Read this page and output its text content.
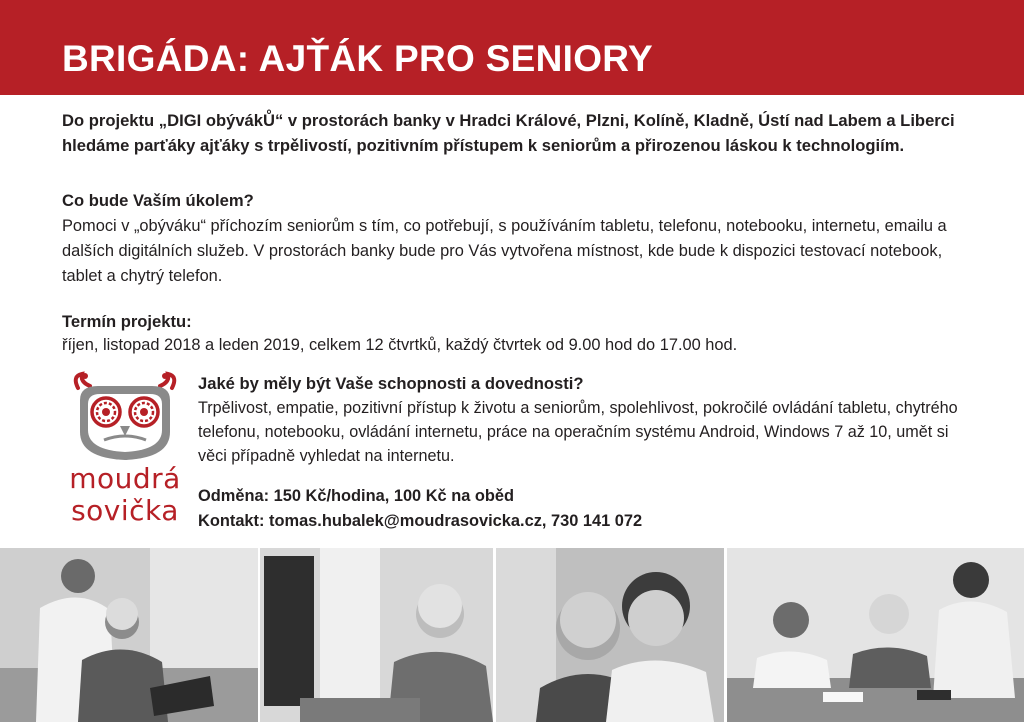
BRIGÁDA: AJŤÁK PRO SENIORY

Do projektu „DIGI obývákŮ“ v prostorách banky v Hradci Králové, Plzni, Kolíně, Kladně, Ústí nad Labem a Liberci hledáme parťáky ajťáky s trpělivostí, pozitivním přístupem k seniorům a přirozenou láskou k technologiím.

Co bude Vaším úkolem?

Pomoci v „obýváku“ příchozím seniorům s tím, co potřebují, s používáním tabletu, telefonu, notebooku, internetu, emailu a dalších digitálních služeb. V prostorách banky bude pro Vás vytvořena místnost, kde bude k dispozici testovací notebook, tablet a chytrý telefon.

Termín projektu:

říjen, listopad 2018 a leden 2019, celkem 12 čtvrtků, každý čtvrtek od 9.00 hod do 17.00 hod.

moudrá
sovička

Jaké by měly být Vaše schopnosti a dovednosti?

Trpělivost, empatie, pozitivní přístup k životu a seniorům, spolehlivost, pokročilé ovládání tabletu, chytrého telefonu, notebooku, ovládání internetu, práce na operačním systému Android, Windows 7 až 10, umět si věci případně vyhledat na internetu.

Odměna: 150 Kč/hodina, 100 Kč na oběd

Kontakt: tomas.hubalek@moudrasovicka.cz, 730 141 072
